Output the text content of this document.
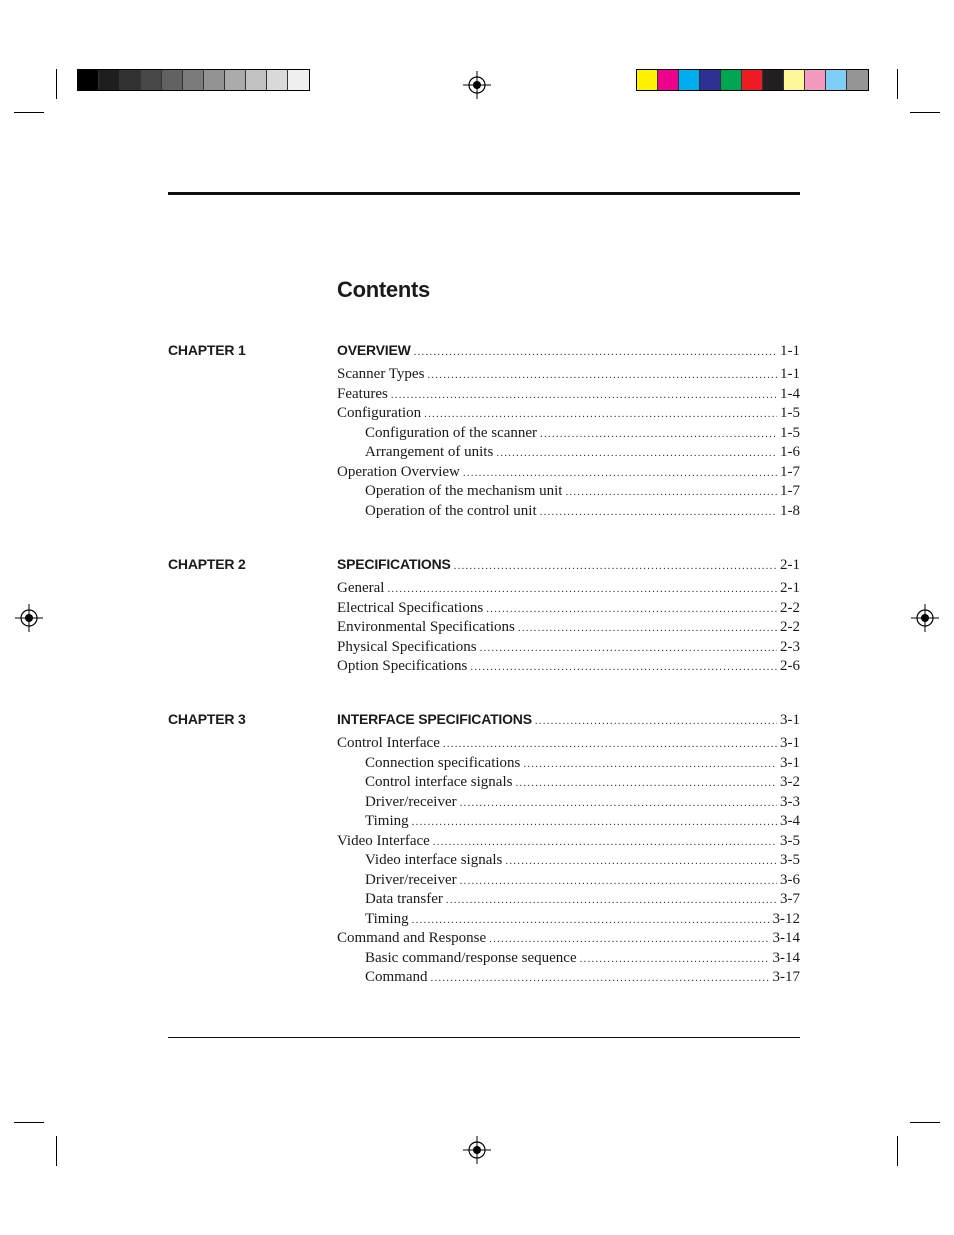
Contents
CHAPTER 1	OVERVIEW .....	1-1
Scanner Types .....	1-1
Features .....	1-4
Configuration .....	1-5
Configuration of the scanner .....	1-5
Arrangement of units .....	1-6
Operation Overview .....	1-7
Operation of the mechanism unit .....	1-7
Operation of the control unit .....	1-8
CHAPTER 2	SPECIFICATIONS .....	2-1
General .....	2-1
Electrical Specifications .....	2-2
Environmental Specifications .....	2-2
Physical Specifications .....	2-3
Option Specifications .....	2-6
CHAPTER 3	INTERFACE SPECIFICATIONS .....	3-1
Control Interface .....	3-1
Connection specifications .....	3-1
Control interface signals .....	3-2
Driver/receiver .....	3-3
Timing .....	3-4
Video Interface .....	3-5
Video interface signals .....	3-5
Driver/receiver .....	3-6
Data transfer .....	3-7
Timing .....	3-12
Command and Response .....	3-14
Basic command/response sequence .....	3-14
Command .....	3-17
